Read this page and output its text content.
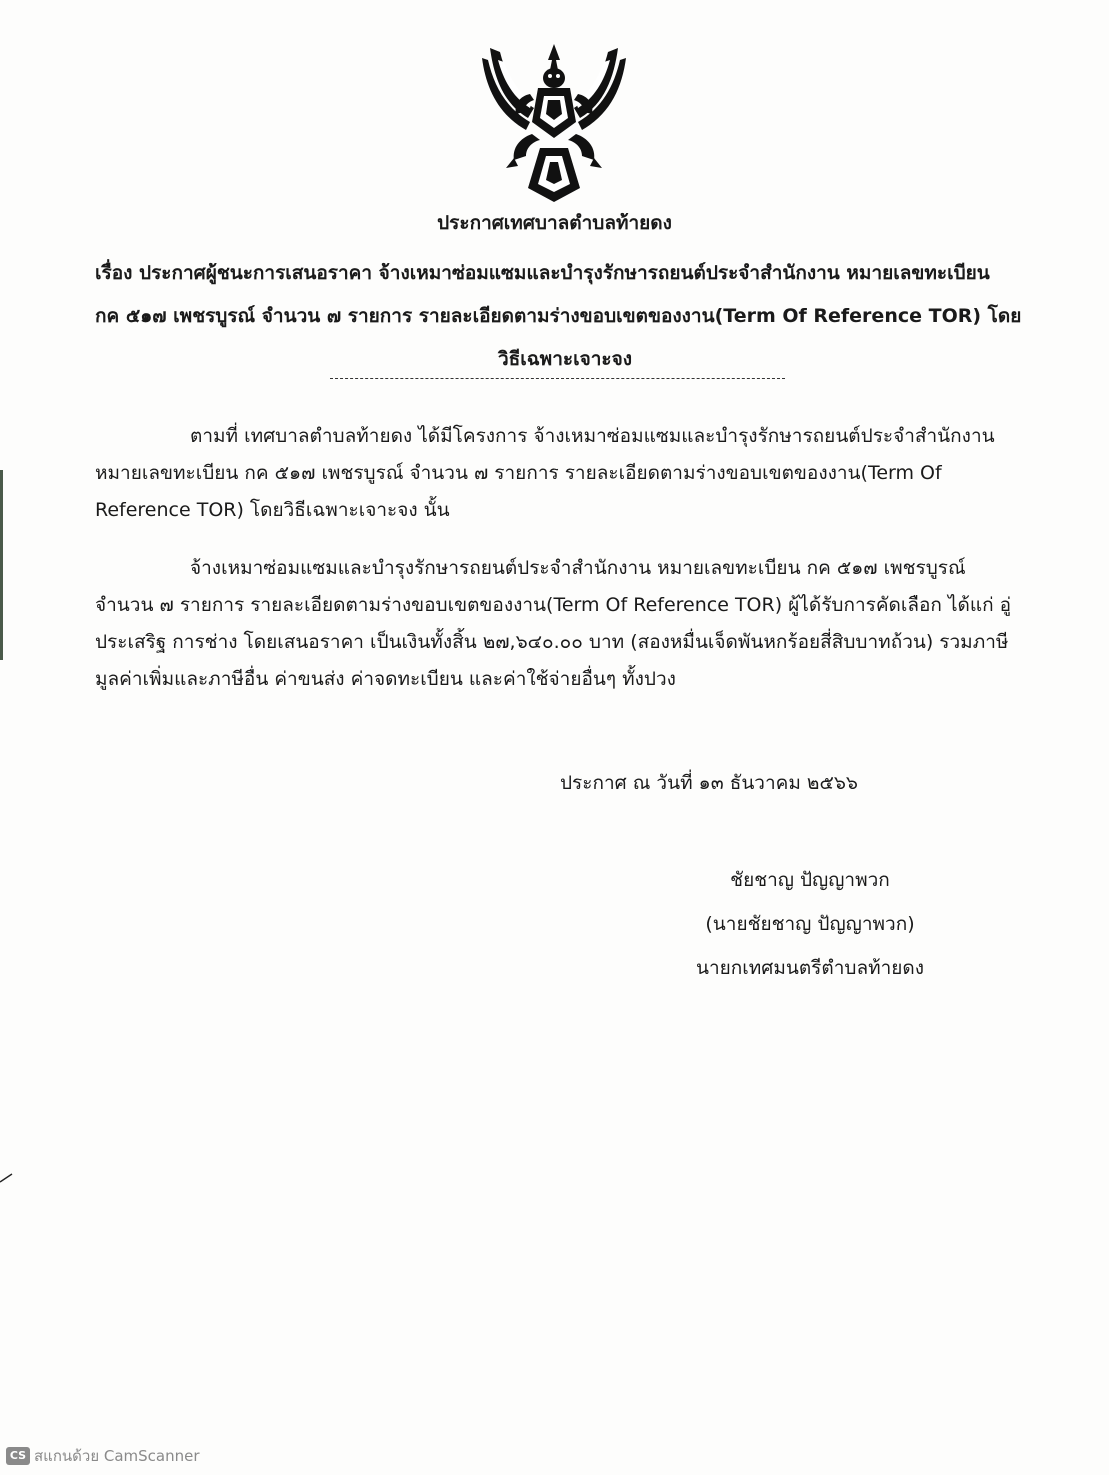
ประกาศเทศบาลตำบลท้ายดง
เรื่อง ประกาศผู้ชนะการเสนอราคา จ้างเหมาซ่อมแซมและบำรุงรักษารถยนต์ประจำสำนักงาน หมายเลขทะเบียน
กค ๕๑๗ เพชรบูรณ์ จำนวน ๗ รายการ รายละเอียดตามร่างขอบเขตของงาน(Term Of Reference TOR) โดย
วิธีเฉพาะเจาะจง
ตามที่ เทศบาลตำบลท้ายดง ได้มีโครงการ จ้างเหมาซ่อมแซมและบำรุงรักษารถยนต์ประจำสำนักงาน
หมายเลขทะเบียน กค ๕๑๗ เพชรบูรณ์ จำนวน ๗ รายการ รายละเอียดตามร่างขอบเขตของงาน(Term Of
Reference TOR) โดยวิธีเฉพาะเจาะจง นั้น
จ้างเหมาซ่อมแซมและบำรุงรักษารถยนต์ประจำสำนักงาน หมายเลขทะเบียน กค ๕๑๗ เพชรบูรณ์
จำนวน ๗ รายการ รายละเอียดตามร่างขอบเขตของงาน(Term Of Reference TOR) ผู้ได้รับการคัดเลือก ได้แก่ อู่
ประเสริฐ การช่าง โดยเสนอราคา เป็นเงินทั้งสิ้น ๒๗,๖๔๐.๐๐ บาท (สองหมื่นเจ็ดพันหกร้อยสี่สิบบาทถ้วน) รวมภาษี
มูลค่าเพิ่มและภาษีอื่น ค่าขนส่ง ค่าจดทะเบียน และค่าใช้จ่ายอื่นๆ ทั้งปวง
ประกาศ ณ วันที่ ๑๓ ธันวาคม ๒๕๖๖
ชัยชาญ ปัญญาพวก
(นายชัยชาญ ปัญญาพวก)
นายกเทศมนตรีตำบลท้ายดง
CS สแกนด้วย CamScanner
